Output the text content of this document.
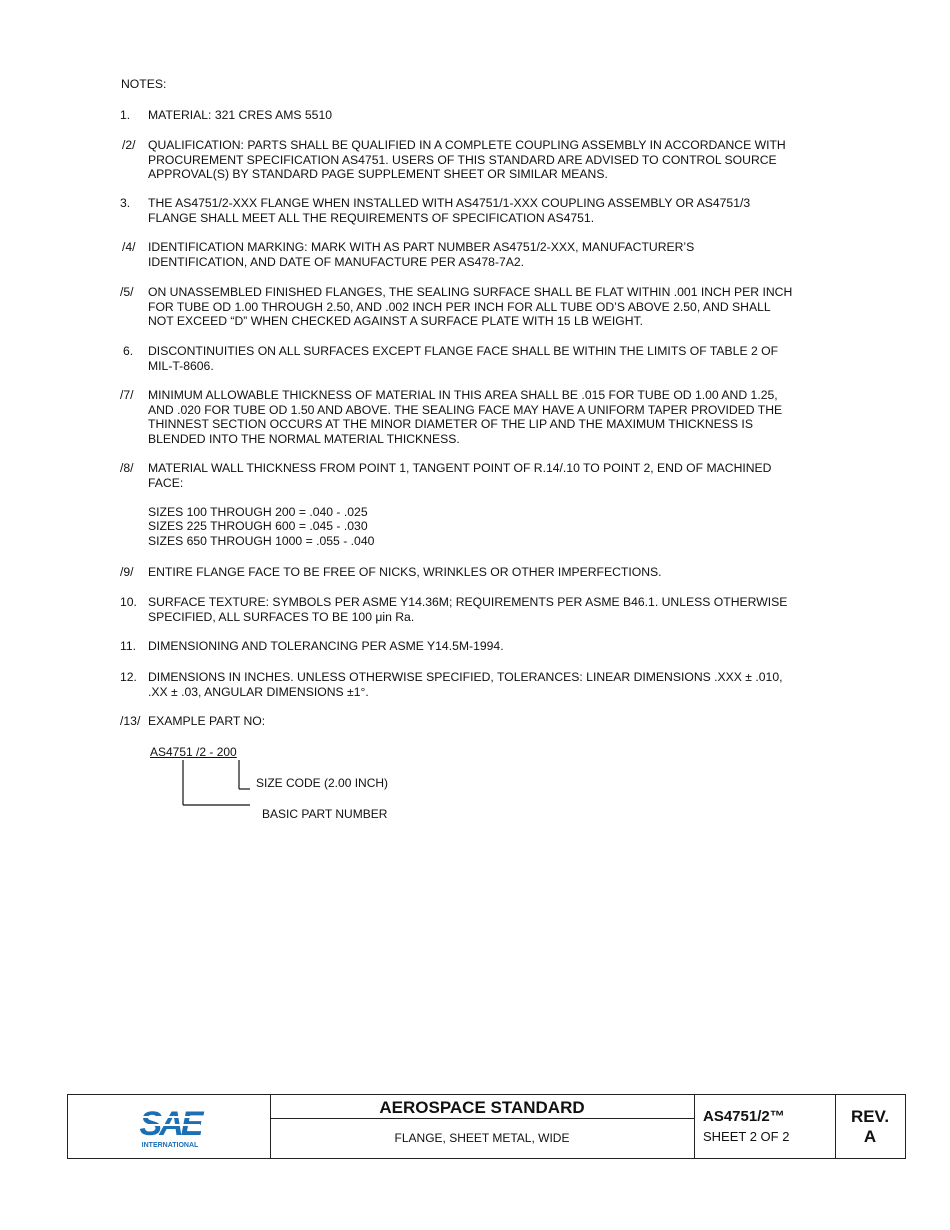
NOTES:
1.	MATERIAL: 321 CRES AMS 5510
/2/	QUALIFICATION: PARTS SHALL BE QUALIFIED IN A COMPLETE COUPLING ASSEMBLY IN ACCORDANCE WITH
PROCUREMENT SPECIFICATION AS4751. USERS OF THIS STANDARD ARE ADVISED TO CONTROL SOURCE
APPROVAL(S) BY STANDARD PAGE SUPPLEMENT SHEET OR SIMILAR MEANS.
3.	THE AS4751/2-XXX FLANGE WHEN INSTALLED WITH AS4751/1-XXX COUPLING ASSEMBLY OR AS4751/3
FLANGE SHALL MEET ALL THE REQUIREMENTS OF SPECIFICATION AS4751.
/4/	IDENTIFICATION MARKING: MARK WITH AS PART NUMBER AS4751/2-XXX, MANUFACTURER’S
IDENTIFICATION, AND DATE OF MANUFACTURE PER AS478-7A2.
/5/	ON UNASSEMBLED FINISHED FLANGES, THE SEALING SURFACE SHALL BE FLAT WITHIN .001 INCH PER INCH
FOR TUBE OD 1.00 THROUGH 2.50, AND .002 INCH PER INCH FOR ALL TUBE OD’S ABOVE 2.50, AND SHALL
NOT EXCEED “D” WHEN CHECKED AGAINST A SURFACE PLATE WITH 15 LB WEIGHT.
6.	DISCONTINUITIES ON ALL SURFACES EXCEPT FLANGE FACE SHALL BE WITHIN THE LIMITS OF TABLE 2 OF
MIL-T-8606.
/7/	MINIMUM ALLOWABLE THICKNESS OF MATERIAL IN THIS AREA SHALL BE .015 FOR TUBE OD 1.00 AND 1.25,
AND .020 FOR TUBE OD 1.50 AND ABOVE. THE SEALING FACE MAY HAVE A UNIFORM TAPER PROVIDED THE
THINNEST SECTION OCCURS AT THE MINOR DIAMETER OF THE LIP AND THE MAXIMUM THICKNESS IS
BLENDED INTO THE NORMAL MATERIAL THICKNESS.
/8/	MATERIAL WALL THICKNESS FROM POINT 1, TANGENT POINT OF R.14/.10 TO POINT 2, END OF MACHINED
FACE:

SIZES 100 THROUGH 200 = .040 - .025
SIZES 225 THROUGH 600 = .045 - .030
SIZES 650 THROUGH 1000 = .055 - .040
/9/	ENTIRE FLANGE FACE TO BE FREE OF NICKS, WRINKLES OR OTHER IMPERFECTIONS.
10. SURFACE TEXTURE: SYMBOLS PER ASME Y14.36M; REQUIREMENTS PER ASME B46.1. UNLESS OTHERWISE
SPECIFIED, ALL SURFACES TO BE 100 μin Ra.
11. DIMENSIONING AND TOLERANCING PER ASME Y14.5M-1994.
12. DIMENSIONS IN INCHES. UNLESS OTHERWISE SPECIFIED, TOLERANCES: LINEAR DIMENSIONS .XXX ± .010,
.XX ± .03, ANGULAR DIMENSIONS ±1°.
/13/ EXAMPLE PART NO:
AS4751 /2 - 200
SIZE CODE (2.00 INCH)
BASIC PART NUMBER
SAE
INTERNATIONAL
AEROSPACE STANDARD
FLANGE, SHEET METAL, WIDE
AS4751/2™
SHEET 2 OF 2
REV.
A
